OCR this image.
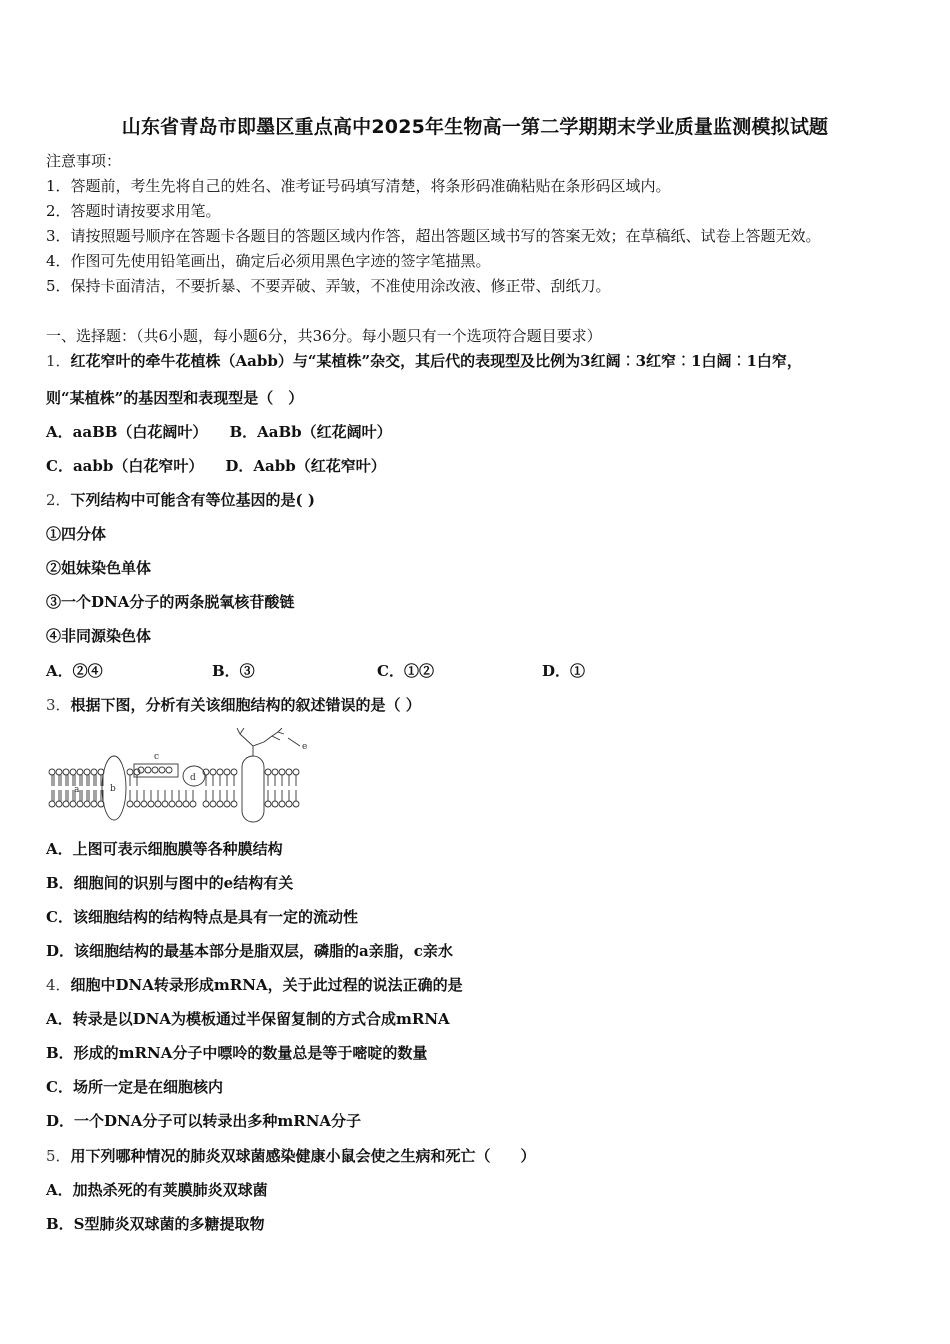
山东省青岛市即墨区重点高中2025年生物高一第二学期期末学业质量监测模拟试题
注意事项：
1．答题前，考生先将自己的姓名、准考证号码填写清楚，将条形码准确粘贴在条形码区域内。
2．答题时请按要求用笔。
3．请按照题号顺序在答题卡各题目的答题区域内作答，超出答题区域书写的答案无效；在草稿纸、试卷上答题无效。
4．作图可先使用铅笔画出，确定后必须用黑色字迹的签字笔描黑。
5．保持卡面清洁，不要折暴、不要弄破、弄皱，不准使用涂改液、修正带、刮纸刀。
一、选择题：（共6小题，每小题6分，共36分。每小题只有一个选项符合题目要求）
1．红花窄叶的牵牛花植株（Aabb）与“某植株”杂交，其后代的表现型及比例为3红阔︰3红窄︰1白阔︰1白窄，
则“某植株”的基因型和表现型是（　）
A．aaBB（白花阔叶） B．AaBb（红花阔叶）
C．aabb（白花窄叶） D．Aabb（红花窄叶）
2．下列结构中可能含有等位基因的是( )
①四分体
②姐妹染色单体
③一个DNA分子的两条脱氧核苷酸链
④非同源染色体
A．②④	B．③	C．①②	D．①
3．根据下图，分析有关该细胞结构的叙述错误的是（ ）
a	b
c
d
e
A．上图可表示细胞膜等各种膜结构
B．细胞间的识别与图中的e结构有关
C．该细胞结构的结构特点是具有一定的流动性
D．该细胞结构的最基本部分是脂双层，磷脂的a亲脂，c亲水
4．细胞中DNA转录形成mRNA，关于此过程的说法正确的是
A．转录是以DNA为模板通过半保留复制的方式合成mRNA
B．形成的mRNA分子中嘌呤的数量总是等于嘧啶的数量
C．场所一定是在细胞核内
D．一个DNA分子可以转录出多种mRNA分子
5．用下列哪种情况的肺炎双球菌感染健康小鼠会使之生病和死亡（　　）
A．加热杀死的有荚膜肺炎双球菌
B．S型肺炎双球菌的多糖提取物
